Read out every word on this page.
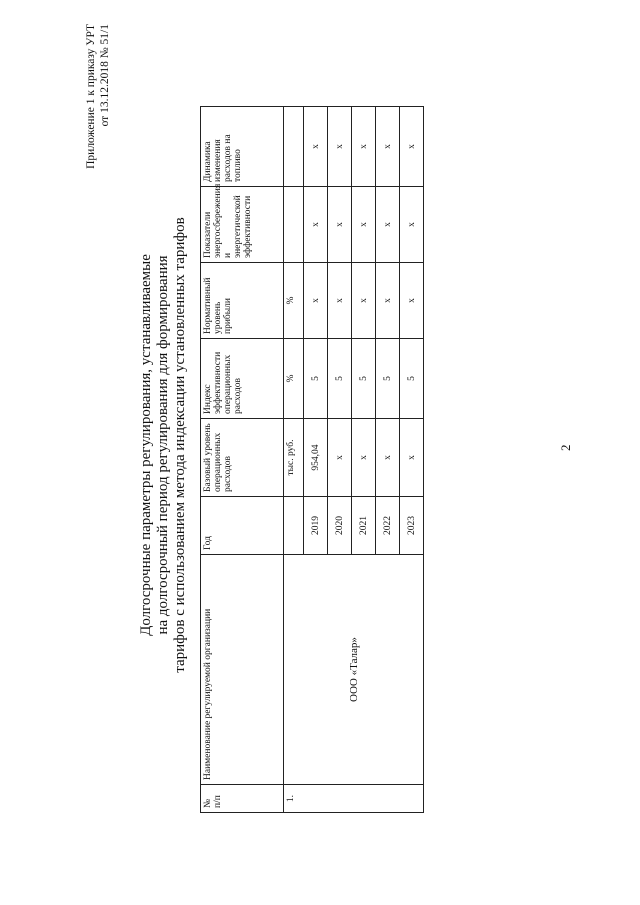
2
Приложение 1 к приказу УРТ от 13.12.2018 № 51/1
Долгосрочные параметры регулирования, устанавливаемые на долгосрочный период регулирования для формирования тарифов с использованием метода индексации установленных тарифов
№ п/п	Наименование регулируемой организации	Год	Базовый уровень операционных расходов	Индекс эффективности операционных расходов	Нормативный уровень прибыли	Показатели энергосбережения и энергетической эффективности	Динамика изменения расходов на топливо
1.	ООО «Талар»		тыс. руб.	%	%		
		2019	954,04	5	x	x	x
		2020	x	5	x	x	x
		2021	x	5	x	x	x
		2022	x	5	x	x	x
		2023	x	5	x	x	x
